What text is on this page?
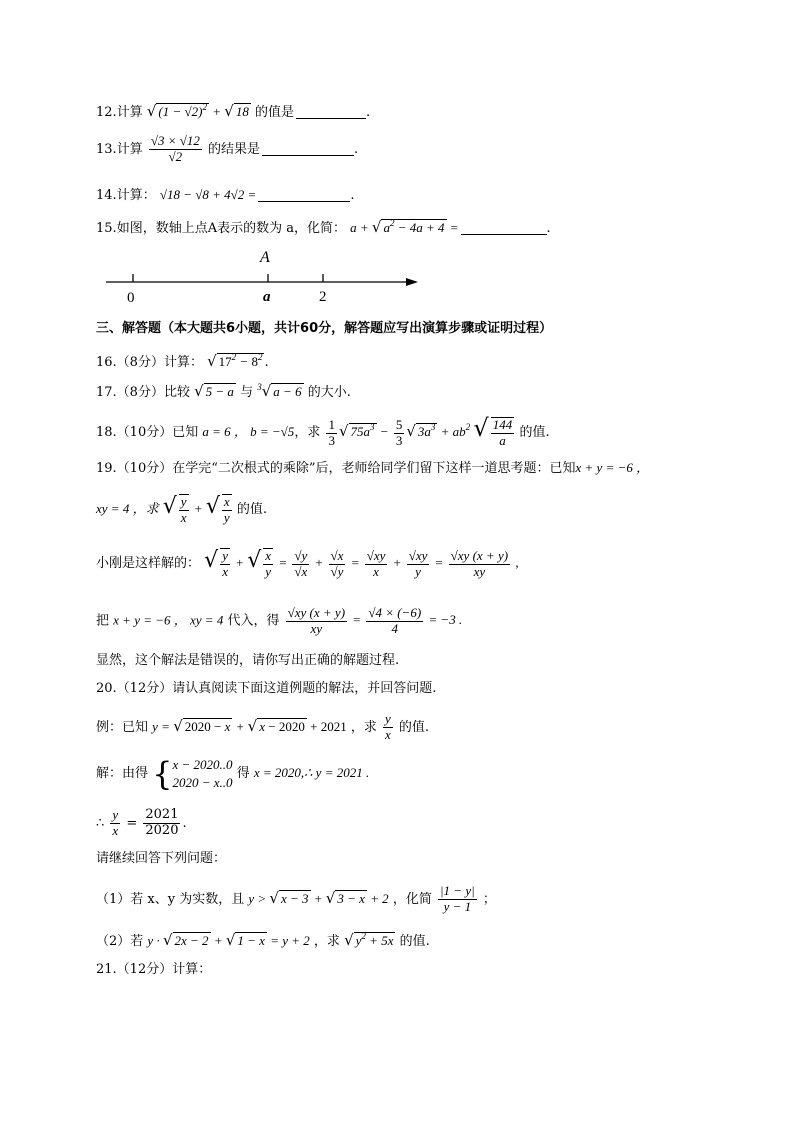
12.计算 √ $(1 - √2)^2$ + √ 18 的值是	.
13.计算 $\frac{√3 \times √12}{√2}$ 的结果是	.
14.计算： √18 − √8 + 4√2 =	.
15.如图，数轴上点A表示的数为 a，化简： a + √ $a^2 - 4a + 4$ =	.
A
0	a	2
三、解答题（本大题共6小题，共计60分，解答题应写出演算步骤或证明过程）
16.（8分）计算： √ $17^2 - 8^2$ .
17.（8分）比较 √ 5 − a 与 $^3$√ a − 6 的大小.
18.（10分）已知 a = 6 ， b = −√5，求 $\frac{1}{3}$ √ $75a^3 - \frac{5}{3}$ √ $3a^3 + ab^2$ √ $\frac{144}{a}$ 的值.
19.（10分）在学完“二次根式的乘除”后，老师给同学们留下这样一道思考题：已知x + y = −6 ，
xy = 4 ，求 √ $\frac{y}{x}$ + √ $\frac{x}{y}$ 的值.
小刚是这样解的： √ $\frac{y}{x}$ + √ $\frac{x}{y} = \frac{√y}{√x} + \frac{√x}{√y} = \frac{√xy}{x} + \frac{√xy}{y} = \frac{√xy (x + y)}{xy}$ ,
把 x + y = −6 ， xy = 4 代入，得 $\frac{√xy (x + y)}{xy} = \frac{√4 \times (-6)}{4} = -3$ .
显然，这个解法是错误的，请你写出正确的解题过程.
20.（12分）请认真阅读下面这道例题的解法，并回答问题.
例：已知 y = √ 2020 − x + √ x − 2020 + 2021 ，求 $\frac{y}{x}$ 的值.
解：由得 { x − 2020..0
2020 − x..0
得 x = 2020,∴ y = 2021 .
∴ $\frac{y}{x} = \frac{2021}{2020}$ .
请继续回答下列问题：
（1）若 x、y 为实数，且 y > √ x − 3 + √ 3 − x + 2 ，化简 $\frac{|1 - y|}{y - 1}$ ；
（2）若 y · √ 2x − 2 + √ 1 − x = y + 2 ，求 √ $y^2 + 5x$ 的值.
21.（12分）计算：
